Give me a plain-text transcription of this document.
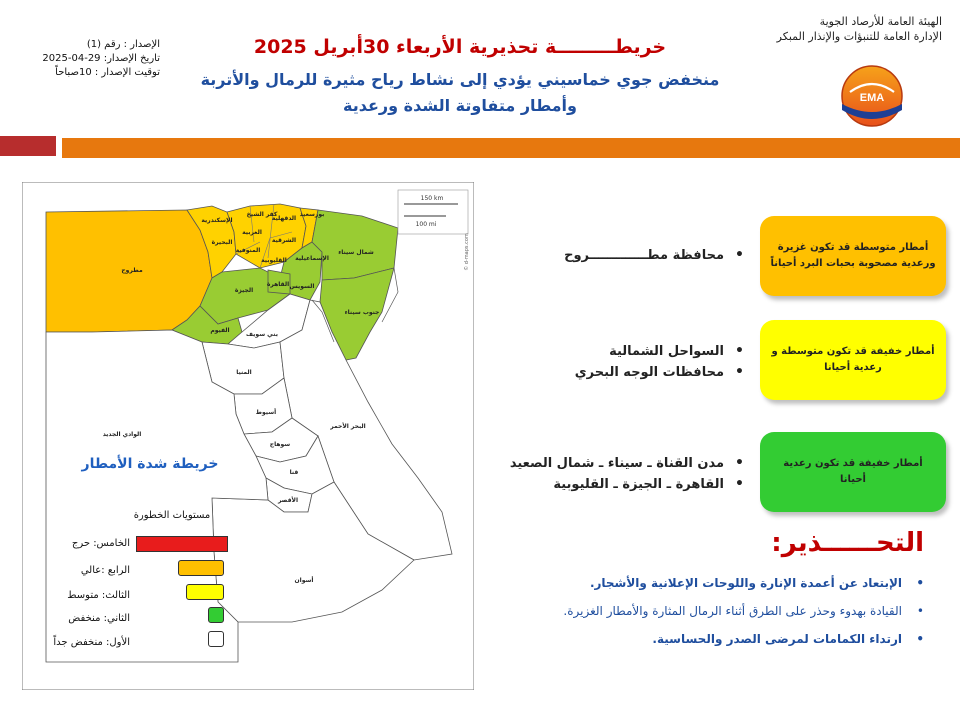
الهيئة العامة للأرصاد الجوية
الإدارة العامة للتنبؤات والإنذار المبكر
EMA
الإصدار : رقم (1)
تاريخ الإصدار: 29-04-2025
توقيت الإصدار : 10صباحاً
خريطـــــــــة تحذيرية الأربعاء 30أبريل 2025
منخفض جوي خماسيني يؤدي إلى نشاط رياح مثيرة للرمال والأتربة
وأمطار متفاوتة الشدة ورعدية
مطروح
الإسكندرية
البحيرة
كفر الشيخ
الدقهلية
الغربية
المنوفية
الشرقية
القليوبية
بورسعيد
الإسماعيلية
شمال سيناء
جنوب سيناء
السويس
القاهرة
الجيزة
الفيوم
بني سويف
المنيا
الوادي الجديد
أسيوط
سوهاج
قنا
البحر الأحمر
الأقصر
أسوان
150 km
100 mi
© d-maps.com
خريطة شدة الأمطار
مستويات الخطورة
الخامس: حرج
الرابع :عالي
الثالث: متوسط
الثاني: منخفض
الأول: منخفض جداً
• محافظة مطـــــــــــــروح
أمطار متوسطة قد تكون غزيرة ورعدية مصحوبة بحبات البرد أحياناً
• السواحل الشمالية
• محافظات الوجه البحري
أمطار خفيفة قد تكون متوسطة و رعدية أحيانا
• مدن القناة ـ سيناء ـ شمال الصعيد
• القاهرة ـ الجيزة ـ القليوبية
أمطار خفيفة قد تكون رعدية أحيانا
التحــــــذير:
• الإبتعاد عن أعمدة الإنارة واللوحات الإعلانية والأشجار.
• القيادة بهدوء وحذر على الطرق أثناء الرمال المثارة والأمطار الغزيرة.
• ارتداء الكمامات لمرضى الصدر والحساسية.
